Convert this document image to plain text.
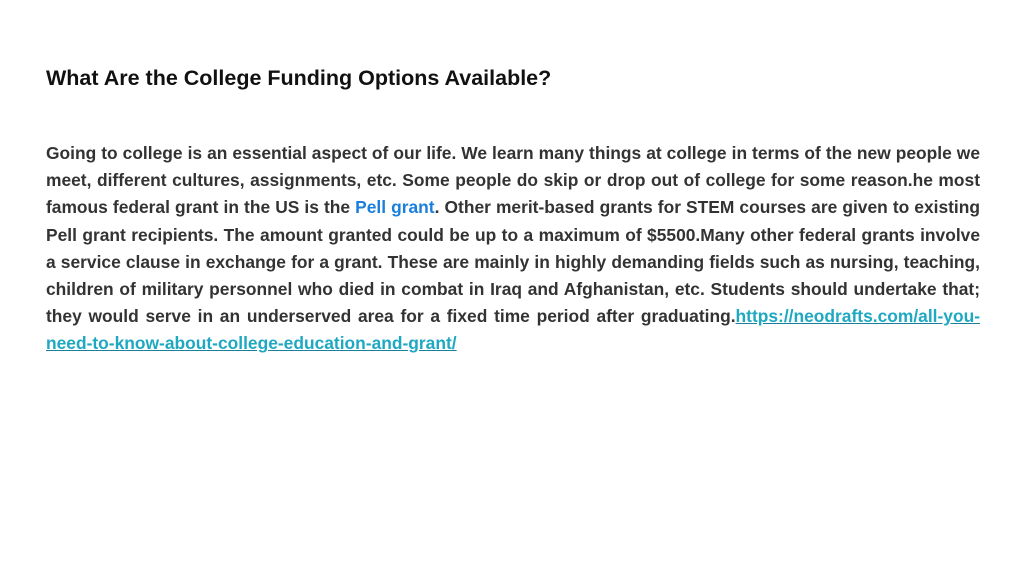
What Are the College Funding Options Available?

Going to college is an essential aspect of our life. We learn many things at college in terms of the new people we meet, different cultures, assignments, etc. Some people do skip or drop out of college for some reason.he most famous federal grant in the US is the Pell grant. Other merit-based grants for STEM courses are given to existing Pell grant recipients. The amount granted could be up to a maximum of $5500.Many other federal grants involve a service clause in exchange for a grant. These are mainly in highly demanding fields such as nursing, teaching, children of military personnel who died in combat in Iraq and Afghanistan, etc. Students should undertake that; they would serve in an underserved area for a fixed time period after graduating.https://neodrafts.com/all-you-need-to-know-about-college-education-and-grant/
